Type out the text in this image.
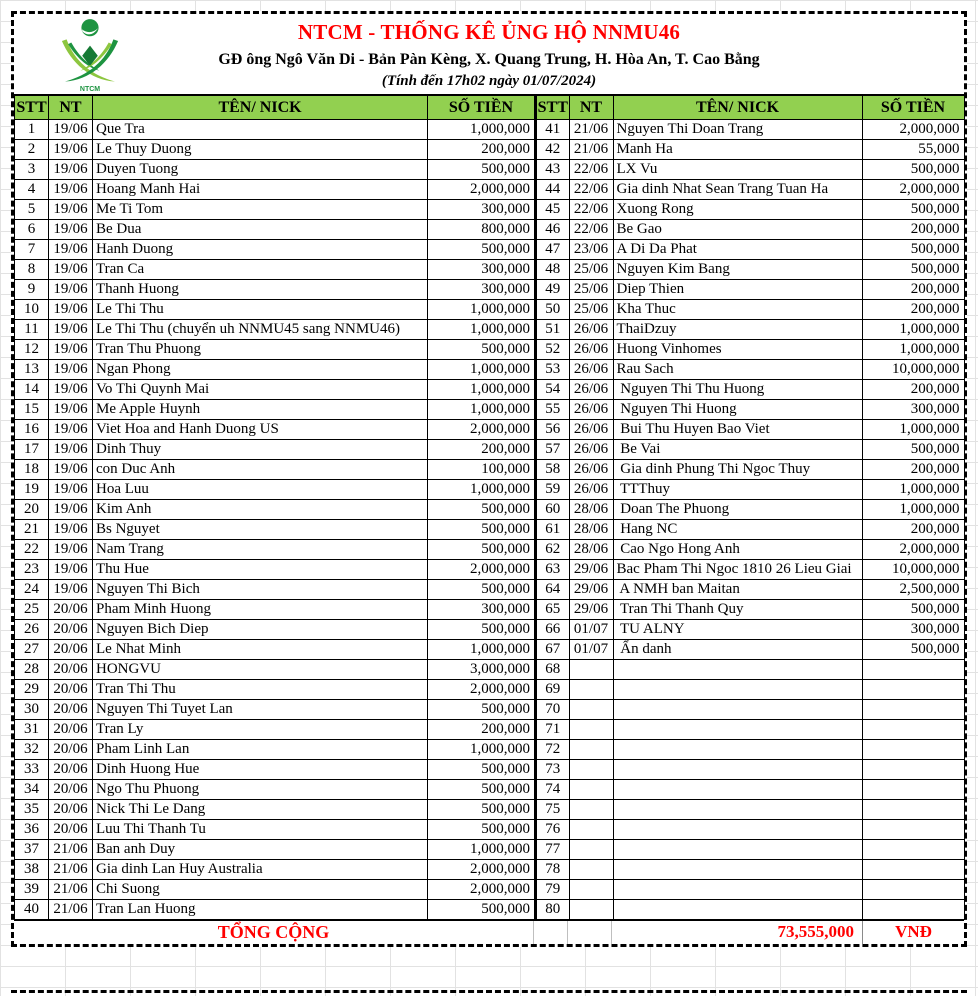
NTCM
NTCM - THỐNG KÊ ỦNG HỘ NNMU46
GĐ ông Ngô Văn Di - Bản Pàn Kèng, X. Quang Trung, H. Hòa An, T. Cao Bằng
(Tính đến 17h02 ngày 01/07/2024)
STT	NT	TÊN/ NICK	SỐ TIỀN
1	19/06	Que Tra	1,000,000
2	19/06	Le Thuy Duong	200,000
3	19/06	Duyen Tuong	500,000
4	19/06	Hoang Manh Hai	2,000,000
5	19/06	Me Ti Tom	300,000
6	19/06	Be Dua	800,000
7	19/06	Hanh Duong	500,000
8	19/06	Tran Ca	300,000
9	19/06	Thanh Huong	300,000
10	19/06	Le Thi Thu	1,000,000
11	19/06	Le Thi Thu (chuyển uh NNMU45 sang NNMU46)	1,000,000
12	19/06	Tran Thu Phuong	500,000
13	19/06	Ngan Phong	1,000,000
14	19/06	Vo Thi Quynh Mai	1,000,000
15	19/06	Me Apple Huynh	1,000,000
16	19/06	Viet Hoa and Hanh Duong US	2,000,000
17	19/06	Dinh Thuy	200,000
18	19/06	con Duc Anh	100,000
19	19/06	Hoa Luu	1,000,000
20	19/06	Kim Anh	500,000
21	19/06	Bs Nguyet	500,000
22	19/06	Nam Trang	500,000
23	19/06	Thu Hue	2,000,000
24	19/06	Nguyen Thi Bich	500,000
25	20/06	Pham Minh Huong	300,000
26	20/06	Nguyen Bich Diep	500,000
27	20/06	Le Nhat Minh	1,000,000
28	20/06	HONGVU	3,000,000
29	20/06	Tran Thi Thu	2,000,000
30	20/06	Nguyen Thi Tuyet Lan	500,000
31	20/06	Tran Ly	200,000
32	20/06	Pham Linh Lan	1,000,000
33	20/06	Dinh Huong Hue	500,000
34	20/06	Ngo Thu Phuong	500,000
35	20/06	Nick Thi Le Dang	500,000
36	20/06	Luu Thi Thanh Tu	500,000
37	21/06	Ban anh Duy	1,000,000
38	21/06	Gia dinh Lan Huy Australia	2,000,000
39	21/06	Chi Suong	2,000,000
40	21/06	Tran Lan Huong	500,000
STT	NT	TÊN/ NICK	SỐ TIỀN
41	21/06	Nguyen Thi Doan Trang	2,000,000
42	21/06	Manh Ha	55,000
43	22/06	LX Vu	500,000
44	22/06	Gia dinh Nhat Sean Trang Tuan Ha	2,000,000
45	22/06	Xuong Rong	500,000
46	22/06	Be Gao	200,000
47	23/06	A Di Da Phat	500,000
48	25/06	Nguyen Kim Bang	500,000
49	25/06	Diep Thien	200,000
50	25/06	Kha Thuc	200,000
51	26/06	ThaiDzuy	1,000,000
52	26/06	Huong Vinhomes	1,000,000
53	26/06	Rau Sach	10,000,000
54	26/06	Nguyen Thi Thu Huong	200,000
55	26/06	Nguyen Thi Huong	300,000
56	26/06	Bui Thu Huyen Bao Viet	1,000,000
57	26/06	Be Vai	500,000
58	26/06	Gia dinh Phung Thi Ngoc Thuy	200,000
59	26/06	TTThuy	1,000,000
60	28/06	Doan The Phuong	1,000,000
61	28/06	Hang NC	200,000
62	28/06	Cao Ngo Hong Anh	2,000,000
63	29/06	Bac Pham Thi Ngoc 1810 26 Lieu Giai	10,000,000
64	29/06	A NMH ban Maitan	2,500,000
65	29/06	Tran Thi Thanh Quy	500,000
66	01/07	TU ALNY	300,000
67	01/07	Ẩn danh	500,000
68			
69			
70			
71			
72			
73			
74			
75			
76			
77			
78			
79			
80			
TỔNG CỘNG	73,555,000	VNĐ
